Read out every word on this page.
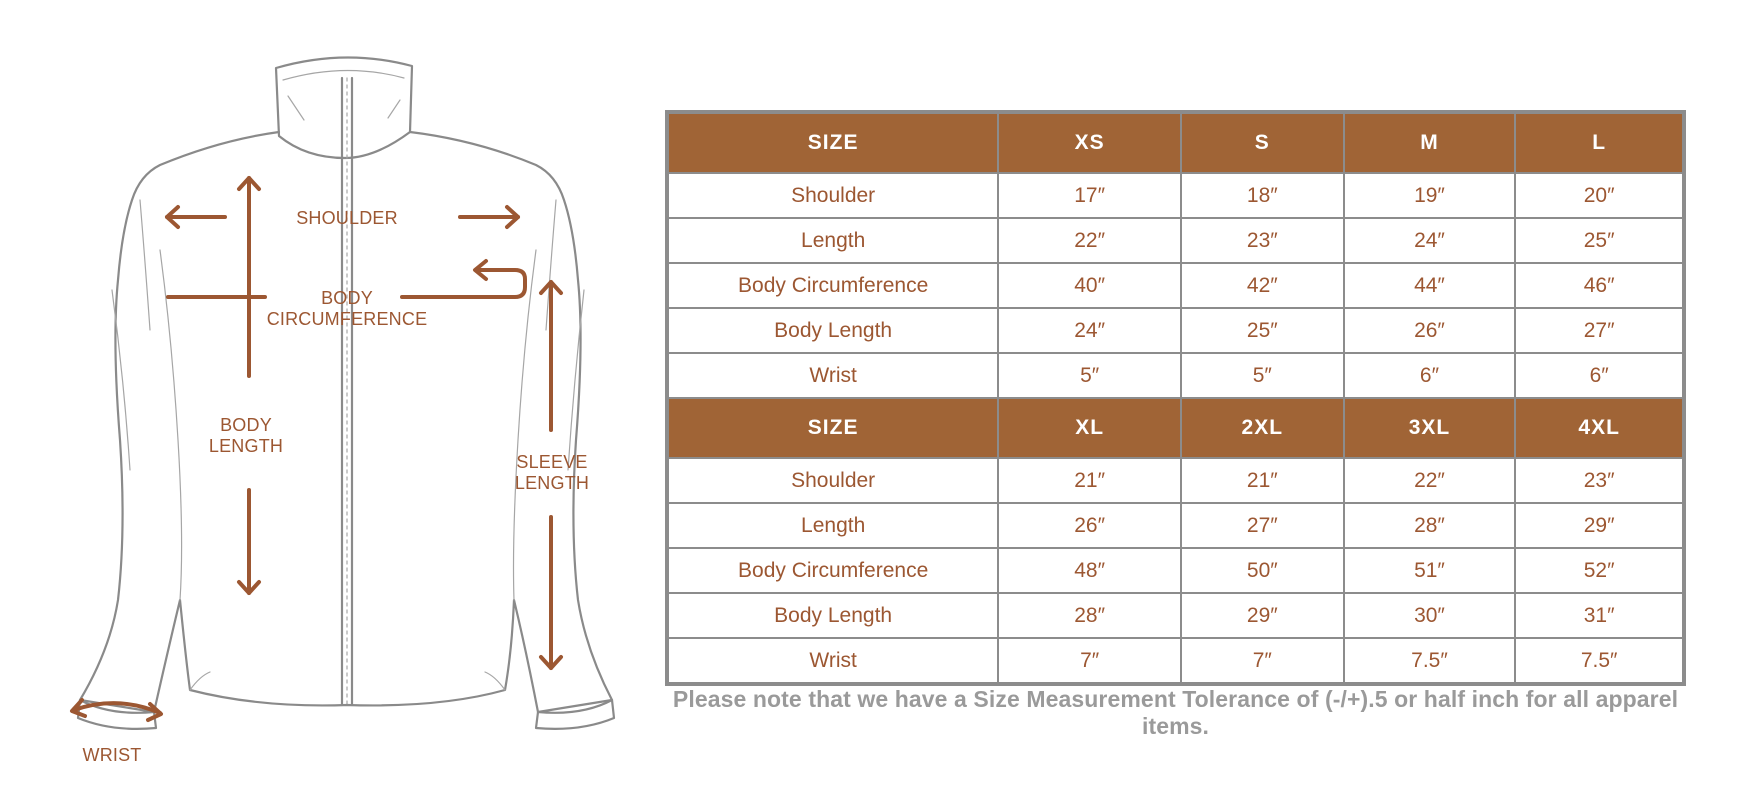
SHOULDER
BODY
CIRCUMFERENCE
BODY
LENGTH
SLEEVE
LENGTH
WRIST
SIZE	XS	S	M	L
Shoulder	17″	18″	19″	20″
Length	22″	23″	24″	25″
Body Circumference	40″	42″	44″	46″
Body Length	24″	25″	26″	27″
Wrist	5″	5″	6″	6″
SIZE	XL	2XL	3XL	4XL
Shoulder	21″	21″	22″	23″
Length	26″	27″	28″	29″
Body Circumference	48″	50″	51″	52″
Body Length	28″	29″	30″	31″
Wrist	7″	7″	7.5″	7.5″
Please note that we have a Size Measurement Tolerance of (-/+).5 or half inch for all apparel items.
